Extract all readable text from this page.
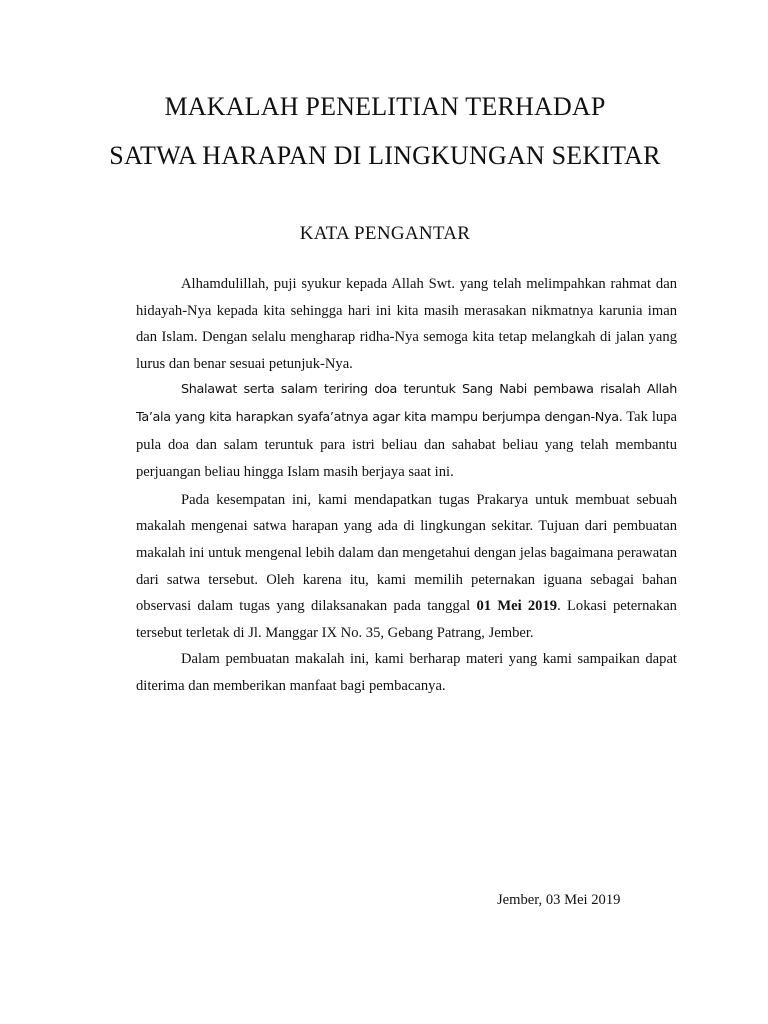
MAKALAH PENELITIAN TERHADAP
SATWA HARAPAN DI LINGKUNGAN SEKITAR
KATA PENGANTAR

Alhamdulillah, puji syukur kepada Allah Swt. yang telah melimpahkan rahmat dan hidayah-Nya kepada kita sehingga hari ini kita masih merasakan nikmatnya karunia iman dan Islam. Dengan selalu mengharap ridha-Nya semoga kita tetap melangkah di jalan yang lurus dan benar sesuai petunjuk-Nya.

Shalawat serta salam teriring doa teruntuk Sang Nabi pembawa risalah Allah Ta’ala yang kita harapkan syafa’atnya agar kita mampu berjumpa dengan-Nya. Tak lupa pula doa dan salam teruntuk para istri beliau dan sahabat beliau yang telah membantu perjuangan beliau hingga Islam masih berjaya saat ini.

Pada kesempatan ini, kami mendapatkan tugas Prakarya untuk membuat sebuah makalah mengenai satwa harapan yang ada di lingkungan sekitar. Tujuan dari pembuatan makalah ini untuk mengenal lebih dalam dan mengetahui dengan jelas bagaimana perawatan dari satwa tersebut. Oleh karena itu, kami memilih peternakan iguana sebagai bahan observasi dalam tugas yang dilaksanakan pada tanggal 01 Mei 2019. Lokasi peternakan tersebut terletak di Jl. Manggar IX No. 35, Gebang Patrang, Jember.

Dalam pembuatan makalah ini, kami berharap materi yang kami sampaikan dapat diterima dan memberikan manfaat bagi pembacanya.

Jember, 03 Mei 2019
